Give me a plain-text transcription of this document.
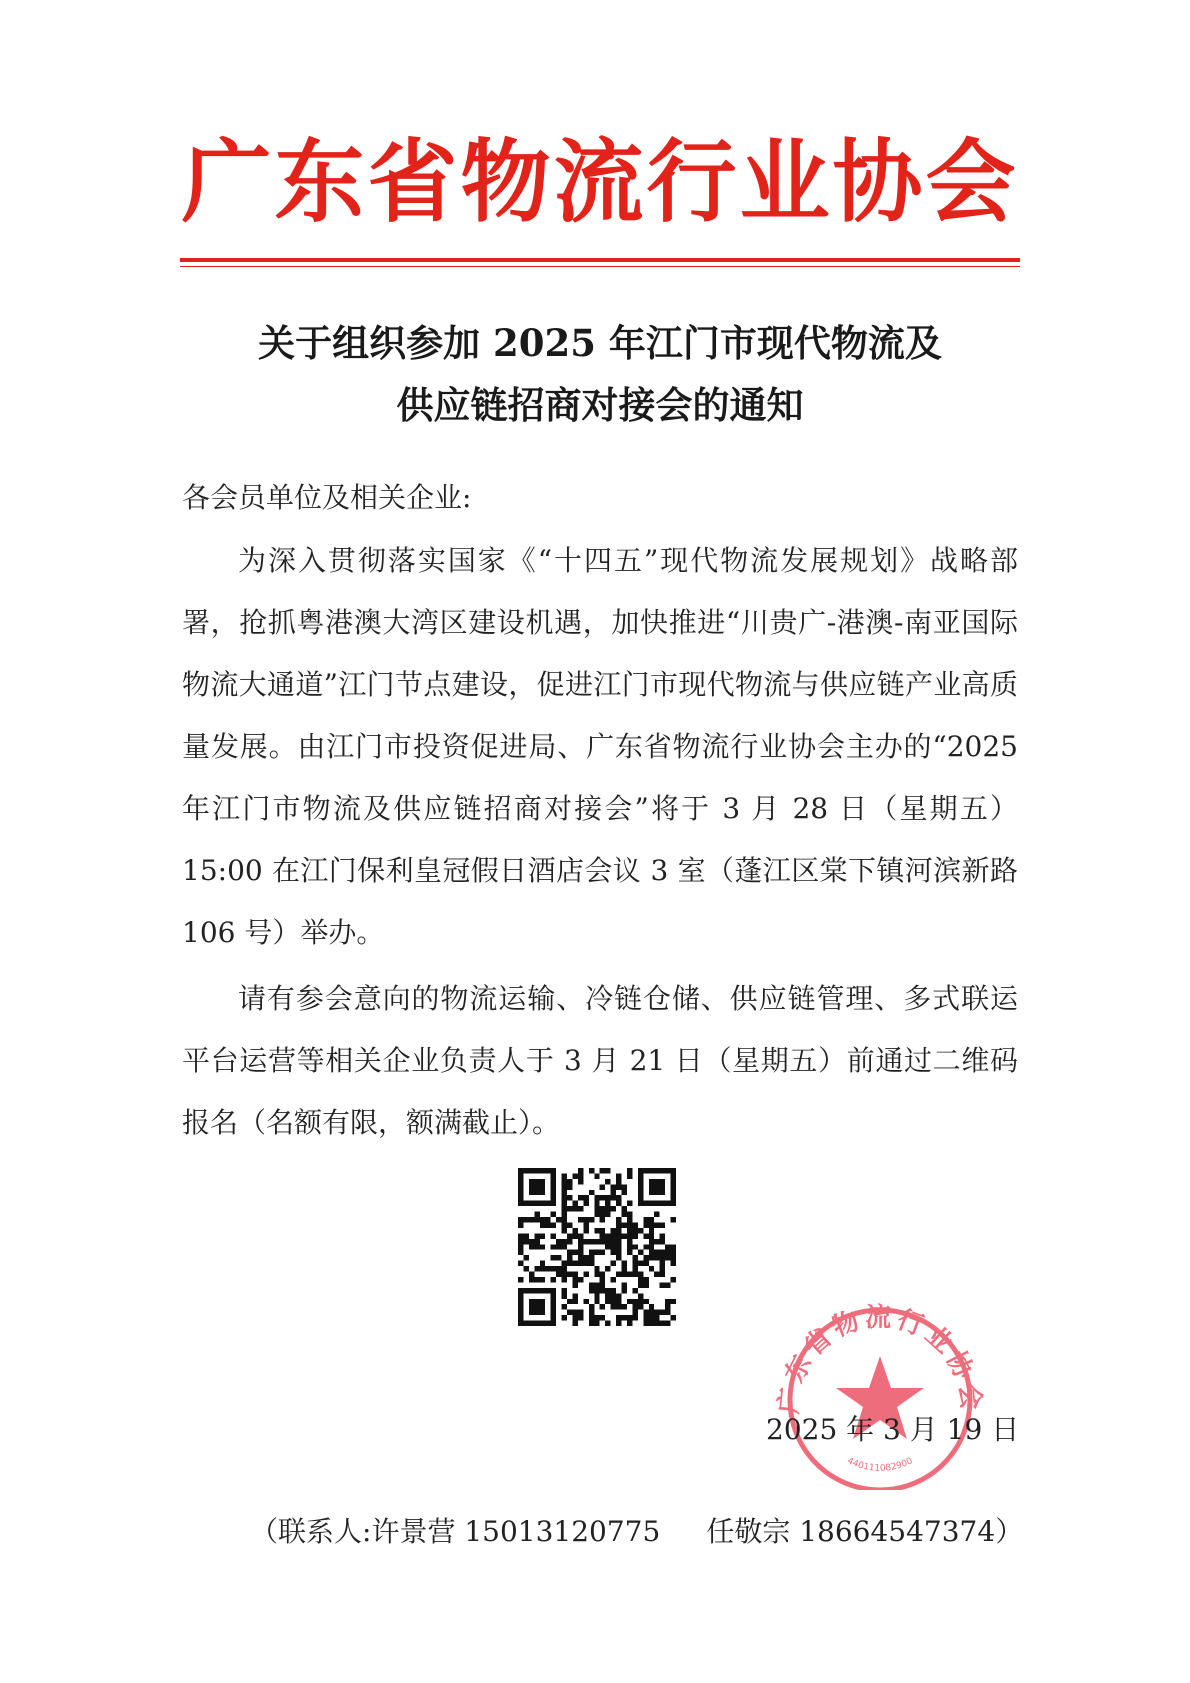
广东省物流行业协会
关于组织参加 2025 年江门市现代物流及
供应链招商对接会的通知
各会员单位及相关企业:

为深入贯彻落实国家《“十四五”现代物流发展规划》战略部署，抢抓粤港澳大湾区建设机遇，加快推进“川贵广-港澳-南亚国际物流大通道”江门节点建设，促进江门市现代物流与供应链产业高质量发展。由江门市投资促进局、广东省物流行业协会主办的“2025 年江门市物流及供应链招商对接会”将于 3 月 28 日（星期五）15:00 在江门保利皇冠假日酒店会议 3 室（蓬江区棠下镇河滨新路 106 号）举办。

请有参会意向的物流运输、冷链仓储、供应链管理、多式联运平台运营等相关企业负责人于 3 月 21 日（星期五）前通过二维码报名（名额有限，额满截止）。

广东省物流行业协会
440111082900
2025 年 3 月 19 日
（联系人:许景营 15013120775 任敬宗 18664547374）
